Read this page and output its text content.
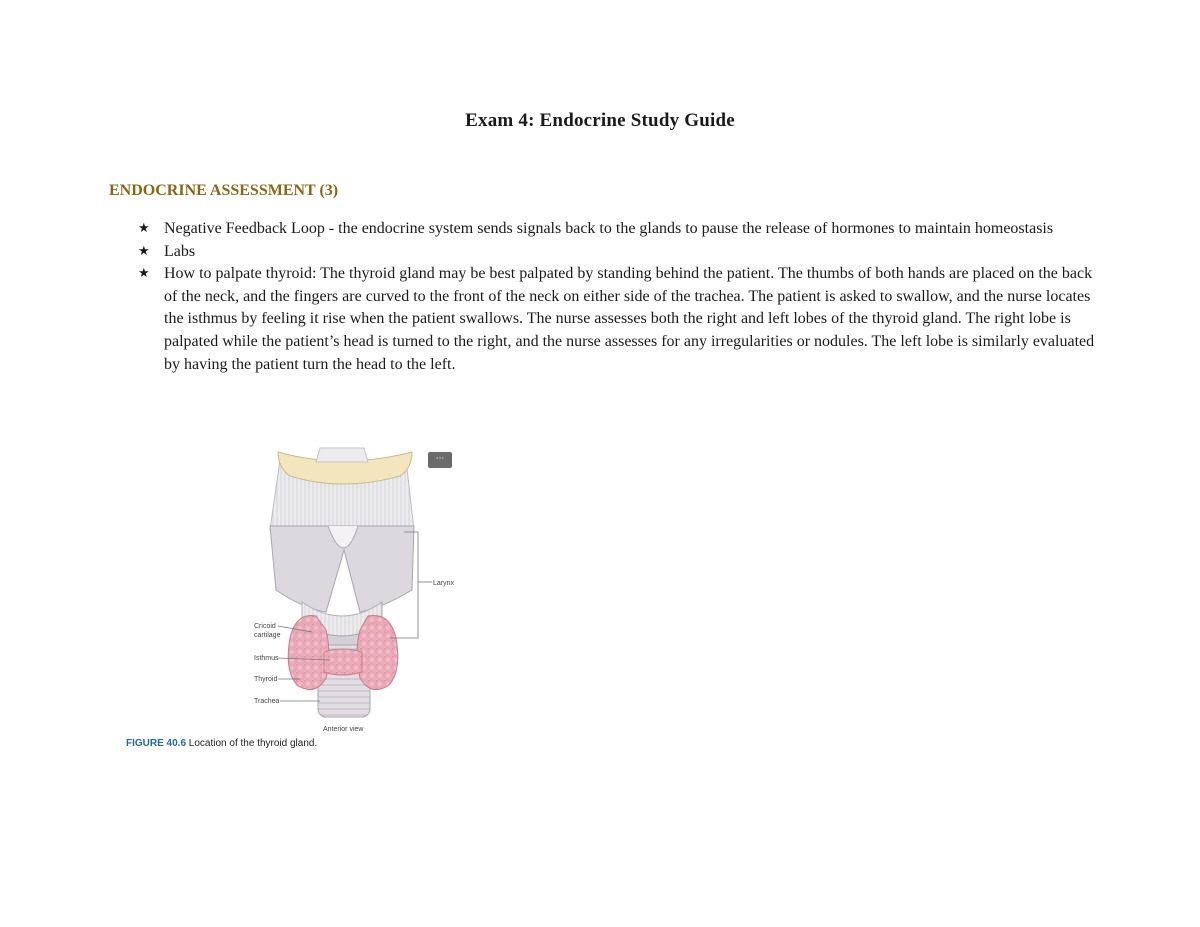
Exam 4: Endocrine Study Guide
ENDOCRINE ASSESSMENT (3)
★ Negative Feedback Loop - the endocrine system sends signals back to the glands to pause the release of hormones to maintain homeostasis
★ Labs
★ How to palpate thyroid: The thyroid gland may be best palpated by standing behind the patient. The thumbs of both hands are placed on the back of the neck, and the fingers are curved to the front of the neck on either side of the trachea. The patient is asked to swallow, and the nurse locates the isthmus by feeling it rise when the patient swallows. The nurse assesses both the right and left lobes of the thyroid gland. The right lobe is palpated while the patient’s head is turned to the right, and the nurse assesses for any irregularities or nodules. The left lobe is similarly evaluated by having the patient turn the head to the left.
Larynx
Cricoid
cartilage
Isthmus
Thyroid
Trachea
Anterior view
···
FIGURE 40.6 Location of the thyroid gland.
